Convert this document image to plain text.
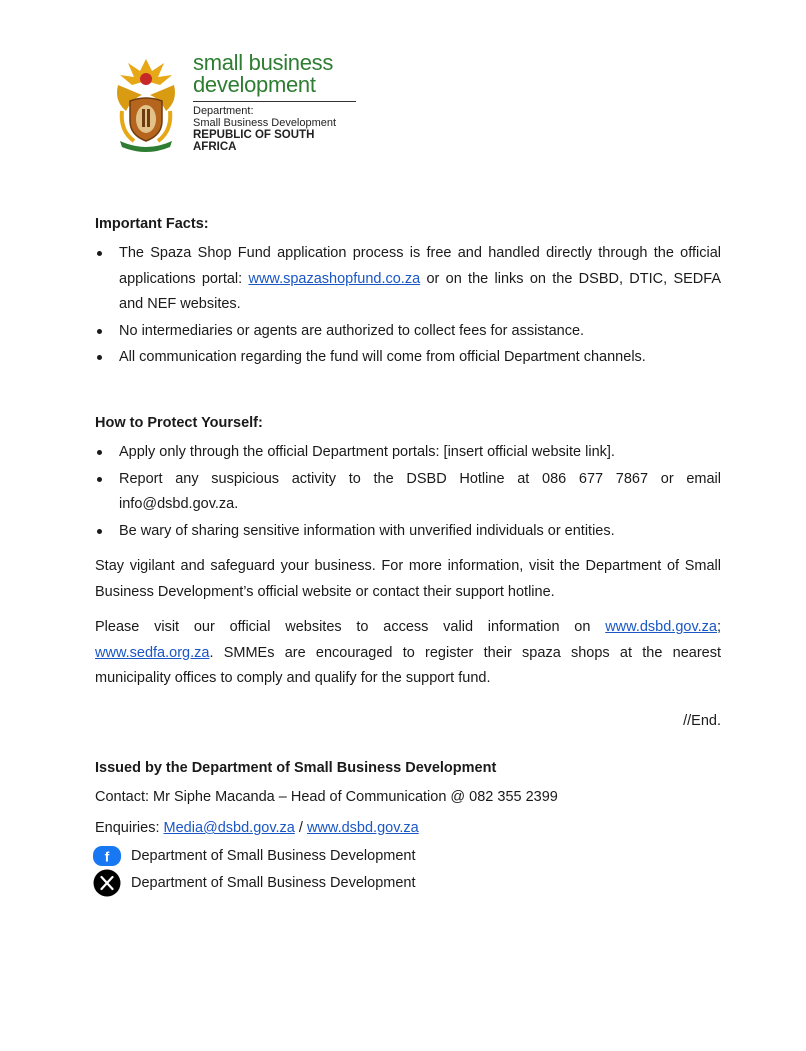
small business
development
Department:
Small Business Development
REPUBLIC OF SOUTH AFRICA
Important Facts:
The Spaza Shop Fund application process is free and handled directly through the official applications portal: www.spazashopfund.co.za or on the links on the DSBD, DTIC, SEDFA and NEF websites.
No intermediaries or agents are authorized to collect fees for assistance.
All communication regarding the fund will come from official Department channels.
How to Protect Yourself:
Apply only through the official Department portals: [insert official website link].
Report any suspicious activity to the DSBD Hotline at 086 677 7867 or email info@dsbd.gov.za.
Be wary of sharing sensitive information with unverified individuals or entities.
Stay vigilant and safeguard your business. For more information, visit the Department of Small Business Development’s official website or contact their support hotline.
Please visit our official websites to access valid information on www.dsbd.gov.za; www.sedfa.org.za. SMMEs are encouraged to register their spaza shops at the nearest municipality offices to comply and qualify for the support fund.
//End.
Issued by the Department of Small Business Development
Contact: Mr Siphe Macanda – Head of Communication @ 082 355 2399
Enquiries: Media@dsbd.gov.za / www.dsbd.gov.za
f Department of Small Business Development
Department of Small Business Development
